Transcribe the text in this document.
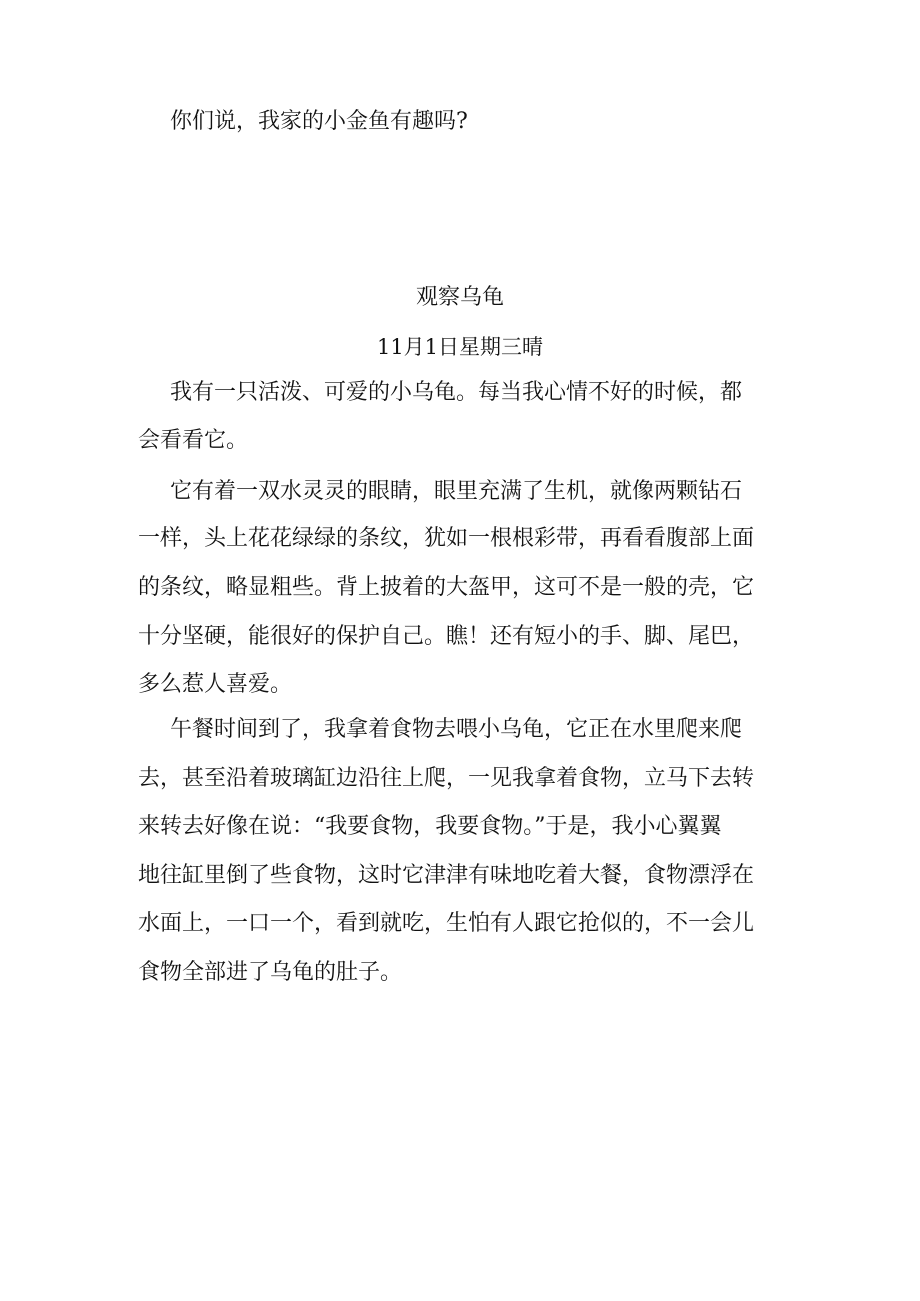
你们说，我家的小金鱼有趣吗?
观察乌龟
11月1日星期三晴
我有一只活泼、可爱的小乌龟。每当我心情不好的时候，都
会看看它。
它有着一双水灵灵的眼睛，眼里充满了生机，就像两颗钻石
一样，头上花花绿绿的条纹，犹如一根根彩带，再看看腹部上面
的条纹，略显粗些。背上披着的大盔甲，这可不是一般的壳，它
十分坚硬，能很好的保护自己。瞧！还有短小的手、脚、尾巴，
多么惹人喜爱。
午餐时间到了，我拿着食物去喂小乌龟，它正在水里爬来爬
去，甚至沿着玻璃缸边沿往上爬，一见我拿着食物，立马下去转
来转去好像在说：“我要食物，我要食物。”于是，我小心翼翼
地往缸里倒了些食物，这时它津津有味地吃着大餐，食物漂浮在
水面上，一口一个，看到就吃，生怕有人跟它抢似的，不一会儿
食物全部进了乌龟的肚子。
